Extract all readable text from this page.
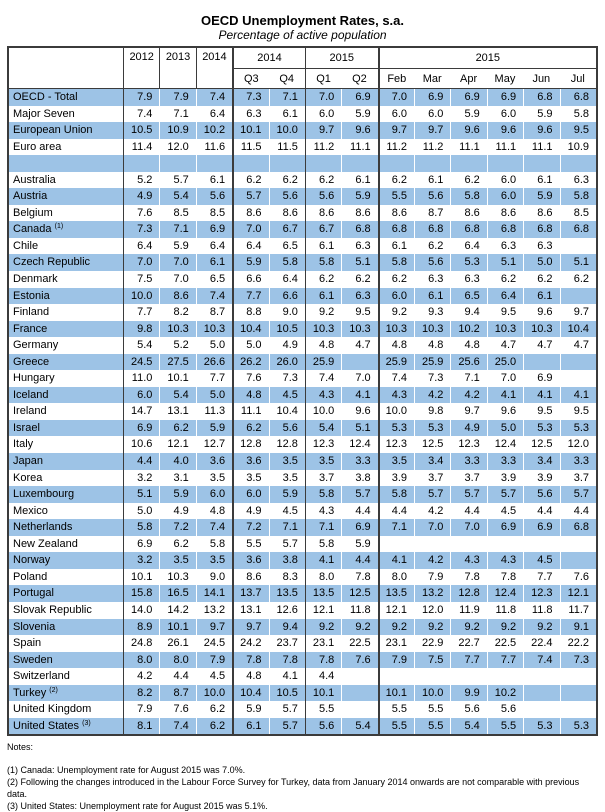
OECD Unemployment Rates, s.a.
Percentage of active population
	2012	2013	2014	2014		2015		2015					
				Q3	Q4	Q1	Q2	Feb	Mar	Apr	May	Jun	Jul
OECD - Total	7.9	7.9	7.4	7.3	7.1	7.0	6.9	7.0	6.9	6.9	6.9	6.8	6.8
Major Seven	7.4	7.1	6.4	6.3	6.1	6.0	5.9	6.0	6.0	5.9	6.0	5.9	5.8
European Union	10.5	10.9	10.2	10.1	10.0	9.7	9.6	9.7	9.7	9.6	9.6	9.6	9.5
Euro area	11.4	12.0	11.6	11.5	11.5	11.2	11.1	11.2	11.2	11.1	11.1	11.1	10.9

Australia	5.2	5.7	6.1	6.2	6.2	6.2	6.1	6.2	6.1	6.2	6.0	6.1	6.3
Austria	4.9	5.4	5.6	5.7	5.6	5.6	5.9	5.5	5.6	5.8	6.0	5.9	5.8
Belgium	7.6	8.5	8.5	8.6	8.6	8.6	8.6	8.6	8.7	8.6	8.6	8.6	8.5
Canada $^{(1)}$	7.3	7.1	6.9	7.0	6.7	6.7	6.8	6.8	6.8	6.8	6.8	6.8	6.8
Chile	6.4	5.9	6.4	6.4	6.5	6.1	6.3	6.1	6.2	6.4	6.3	6.3	
Czech Republic	7.0	7.0	6.1	5.9	5.8	5.8	5.1	5.8	5.6	5.3	5.1	5.0	5.1
Denmark	7.5	7.0	6.5	6.6	6.4	6.2	6.2	6.2	6.3	6.3	6.2	6.2	6.2
Estonia	10.0	8.6	7.4	7.7	6.6	6.1	6.3	6.0	6.1	6.5	6.4	6.1	
Finland	7.7	8.2	8.7	8.8	9.0	9.2	9.5	9.2	9.3	9.4	9.5	9.6	9.7
France	9.8	10.3	10.3	10.4	10.5	10.3	10.3	10.3	10.3	10.2	10.3	10.3	10.4
Germany	5.4	5.2	5.0	5.0	4.9	4.8	4.7	4.8	4.8	4.8	4.7	4.7	4.7
Greece	24.5	27.5	26.6	26.2	26.0	25.9		25.9	25.9	25.6	25.0		
Hungary	11.0	10.1	7.7	7.6	7.3	7.4	7.0	7.4	7.3	7.1	7.0	6.9	
Iceland	6.0	5.4	5.0	4.8	4.5	4.3	4.1	4.3	4.2	4.2	4.1	4.1	4.1
Ireland	14.7	13.1	11.3	11.1	10.4	10.0	9.6	10.0	9.8	9.7	9.6	9.5	9.5
Israel	6.9	6.2	5.9	6.2	5.6	5.4	5.1	5.3	5.3	4.9	5.0	5.3	5.3
Italy	10.6	12.1	12.7	12.8	12.8	12.3	12.4	12.3	12.5	12.3	12.4	12.5	12.0
Japan	4.4	4.0	3.6	3.6	3.5	3.5	3.3	3.5	3.4	3.3	3.3	3.4	3.3
Korea	3.2	3.1	3.5	3.5	3.5	3.7	3.8	3.9	3.7	3.7	3.9	3.9	3.7
Luxembourg	5.1	5.9	6.0	6.0	5.9	5.8	5.7	5.8	5.7	5.7	5.7	5.6	5.7
Mexico	5.0	4.9	4.8	4.9	4.5	4.3	4.4	4.4	4.2	4.4	4.5	4.4	4.4
Netherlands	5.8	7.2	7.4	7.2	7.1	7.1	6.9	7.1	7.0	7.0	6.9	6.9	6.8
New Zealand	6.9	6.2	5.8	5.5	5.7	5.8	5.9						
Norway	3.2	3.5	3.5	3.6	3.8	4.1	4.4	4.1	4.2	4.3	4.3	4.5	
Poland	10.1	10.3	9.0	8.6	8.3	8.0	7.8	8.0	7.9	7.8	7.8	7.7	7.6
Portugal	15.8	16.5	14.1	13.7	13.5	13.5	12.5	13.5	13.2	12.8	12.4	12.3	12.1
Slovak Republic	14.0	14.2	13.2	13.1	12.6	12.1	11.8	12.1	12.0	11.9	11.8	11.8	11.7
Slovenia	8.9	10.1	9.7	9.7	9.4	9.2	9.2	9.2	9.2	9.2	9.2	9.2	9.1
Spain	24.8	26.1	24.5	24.2	23.7	23.1	22.5	23.1	22.9	22.7	22.5	22.4	22.2
Sweden	8.0	8.0	7.9	7.8	7.8	7.8	7.6	7.9	7.5	7.7	7.7	7.4	7.3
Switzerland	4.2	4.4	4.5	4.8	4.1	4.4							
Turkey $^{(2)}$	8.2	8.7	10.0	10.4	10.5	10.1		10.1	10.0	9.9	10.2		
United Kingdom	7.9	7.6	6.2	5.9	5.7	5.5		5.5	5.5	5.6	5.6		
United States $^{(3)}$	8.1	7.4	6.2	6.1	5.7	5.6	5.4	5.5	5.5	5.4	5.5	5.3	5.3
Notes:
(1) Canada: Unemployment rate for August 2015 was 7.0%.
(2) Following the changes introduced in the Labour Force Survey for Turkey, data from January 2014 onwards are not comparable with previous data.
(3) United States: Unemployment rate for August 2015 was 5.1%.
